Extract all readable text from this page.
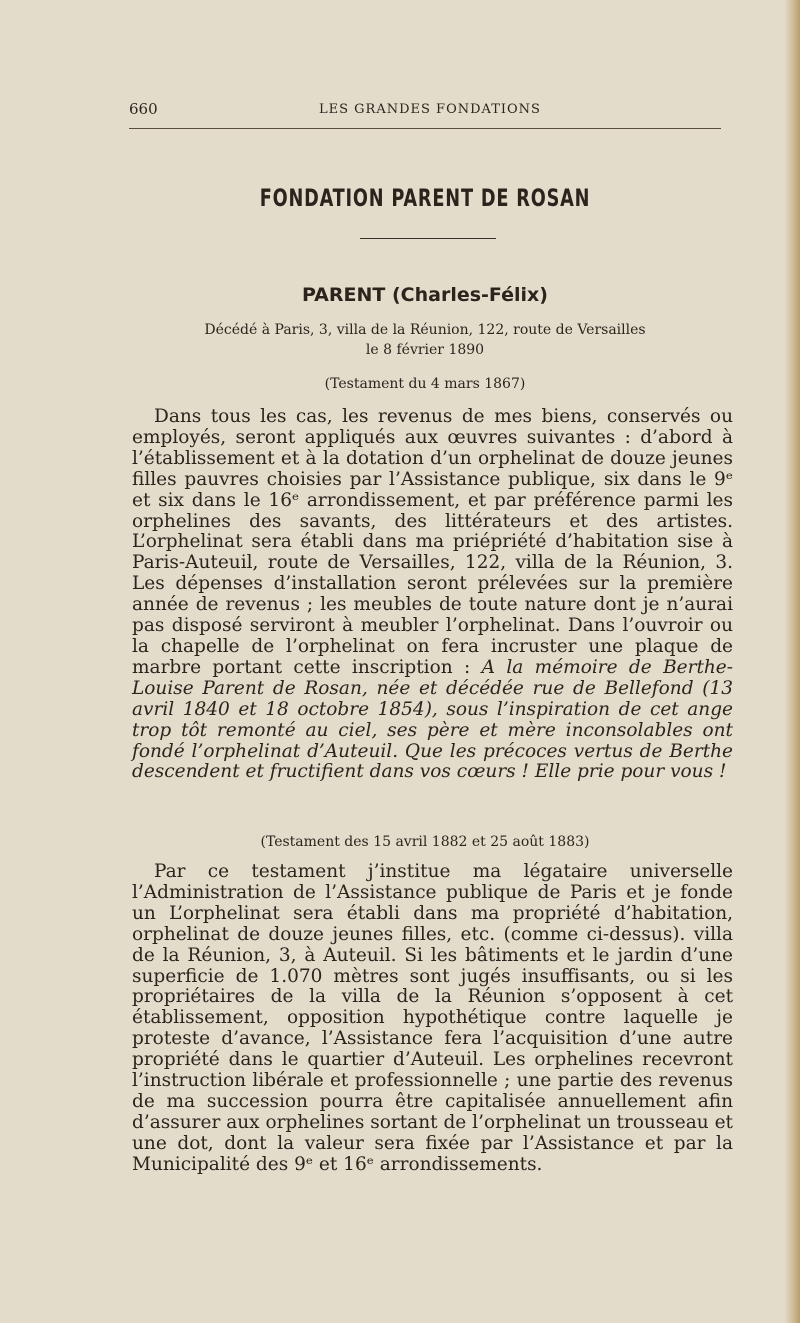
660	LES GRANDES FONDATIONS
FONDATION PARENT DE ROSAN
PARENT (Charles-Félix)
Décédé à Paris, 3, villa de la Réunion, 122, route de Versailles
le 8 février 1890
(Testament du 4 mars 1867)

Dans tous les cas, les revenus de mes biens, conservés ou employés, seront appliqués aux œuvres suivantes : d’abord à l’établissement et à la dotation d’un orphelinat de douze jeunes filles pauvres choisies par l’Assistance publique, six dans le 9ᵉ et six dans le 16ᵉ arrondissement, et par préférence parmi les orphelines des savants, des littérateurs et des artistes. L’orphelinat sera établi dans ma priépriété d’habitation sise à Paris-Auteuil, route de Versailles, 122, villa de la Réunion, 3. Les dépenses d’installation seront prélevées sur la première année de revenus ; les meubles de toute nature dont je n’aurai pas disposé serviront à meubler l’orphelinat. Dans l’ouvroir ou la chapelle de l’orphelinat on fera incruster une plaque de marbre portant cette inscription : A la mémoire de Berthe-Louise Parent de Rosan, née et décédée rue de Bellefond (13 avril 1840 et 18 octobre 1854), sous l’inspiration de cet ange trop tôt remonté au ciel, ses père et mère inconsolables ont fondé l’orphelinat d’Auteuil. Que les précoces vertus de Berthe descendent et fructifient dans vos cœurs ! Elle prie pour vous !

(Testament des 15 avril 1882 et 25 août 1883)

Par ce testament j’institue ma légataire universelle l’Administration de l’Assistance publique de Paris et je fonde un L’orphelinat sera établi dans ma propriété d’habitation, orphelinat de douze jeunes filles, etc. (comme ci-dessus). villa de la Réunion, 3, à Auteuil. Si les bâtiments et le jardin d’une superficie de 1.070 mètres sont jugés insuffisants, ou si les propriétaires de la villa de la Réunion s’opposent à cet établissement, opposition hypothétique contre laquelle je proteste d’avance, l’Assistance fera l’acquisition d’une autre propriété dans le quartier d’Auteuil. Les orphelines recevront l’instruction libérale et professionnelle ; une partie des revenus de ma succession pourra être capitalisée annuellement afin d’assurer aux orphelines sortant de l’orphelinat un trousseau et une dot, dont la valeur sera fixée par l’Assistance et par la Municipalité des 9ᵉ et 16ᵉ arrondissements.
